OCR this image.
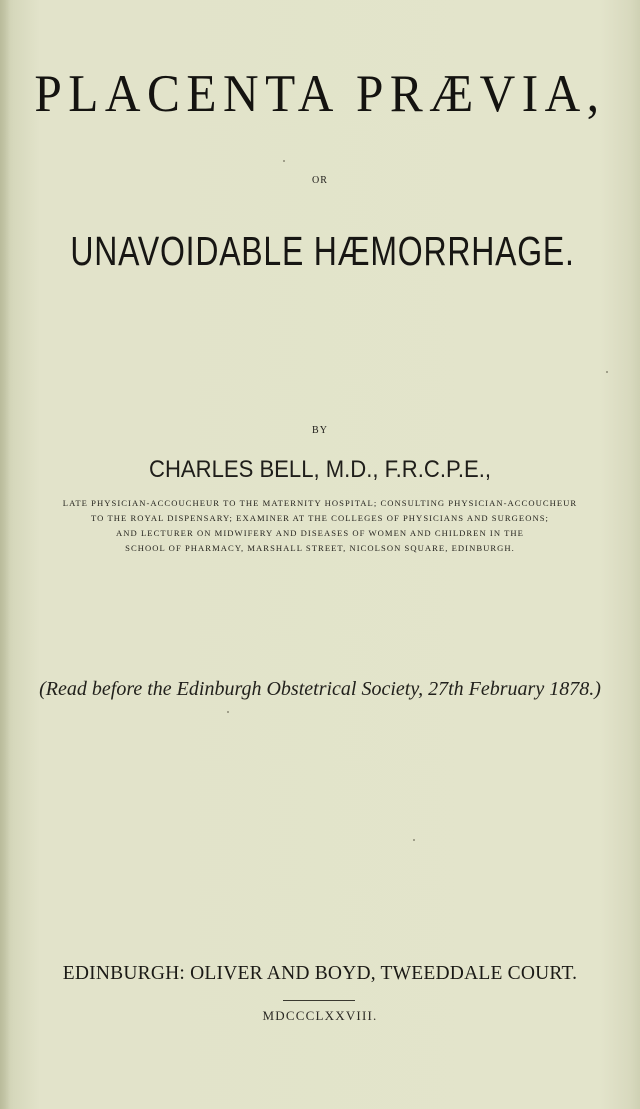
PLACENTA PRÆVIA,
OR
UNAVOIDABLE HÆMORRHAGE.
BY
CHARLES BELL, M.D., F.R.C.P.E.,
LATE PHYSICIAN-ACCOUCHEUR TO THE MATERNITY HOSPITAL; CONSULTING PHYSICIAN-ACCOUCHEUR
TO THE ROYAL DISPENSARY; EXAMINER AT THE COLLEGES OF PHYSICIANS AND SURGEONS;
AND LECTURER ON MIDWIFERY AND DISEASES OF WOMEN AND CHILDREN IN THE
SCHOOL OF PHARMACY, MARSHALL STREET, NICOLSON SQUARE, EDINBURGH.
(Read before the Edinburgh Obstetrical Society, 27th February 1878.)
EDINBURGH: OLIVER AND BOYD, TWEEDDALE COURT.
MDCCCLXXVIII.
